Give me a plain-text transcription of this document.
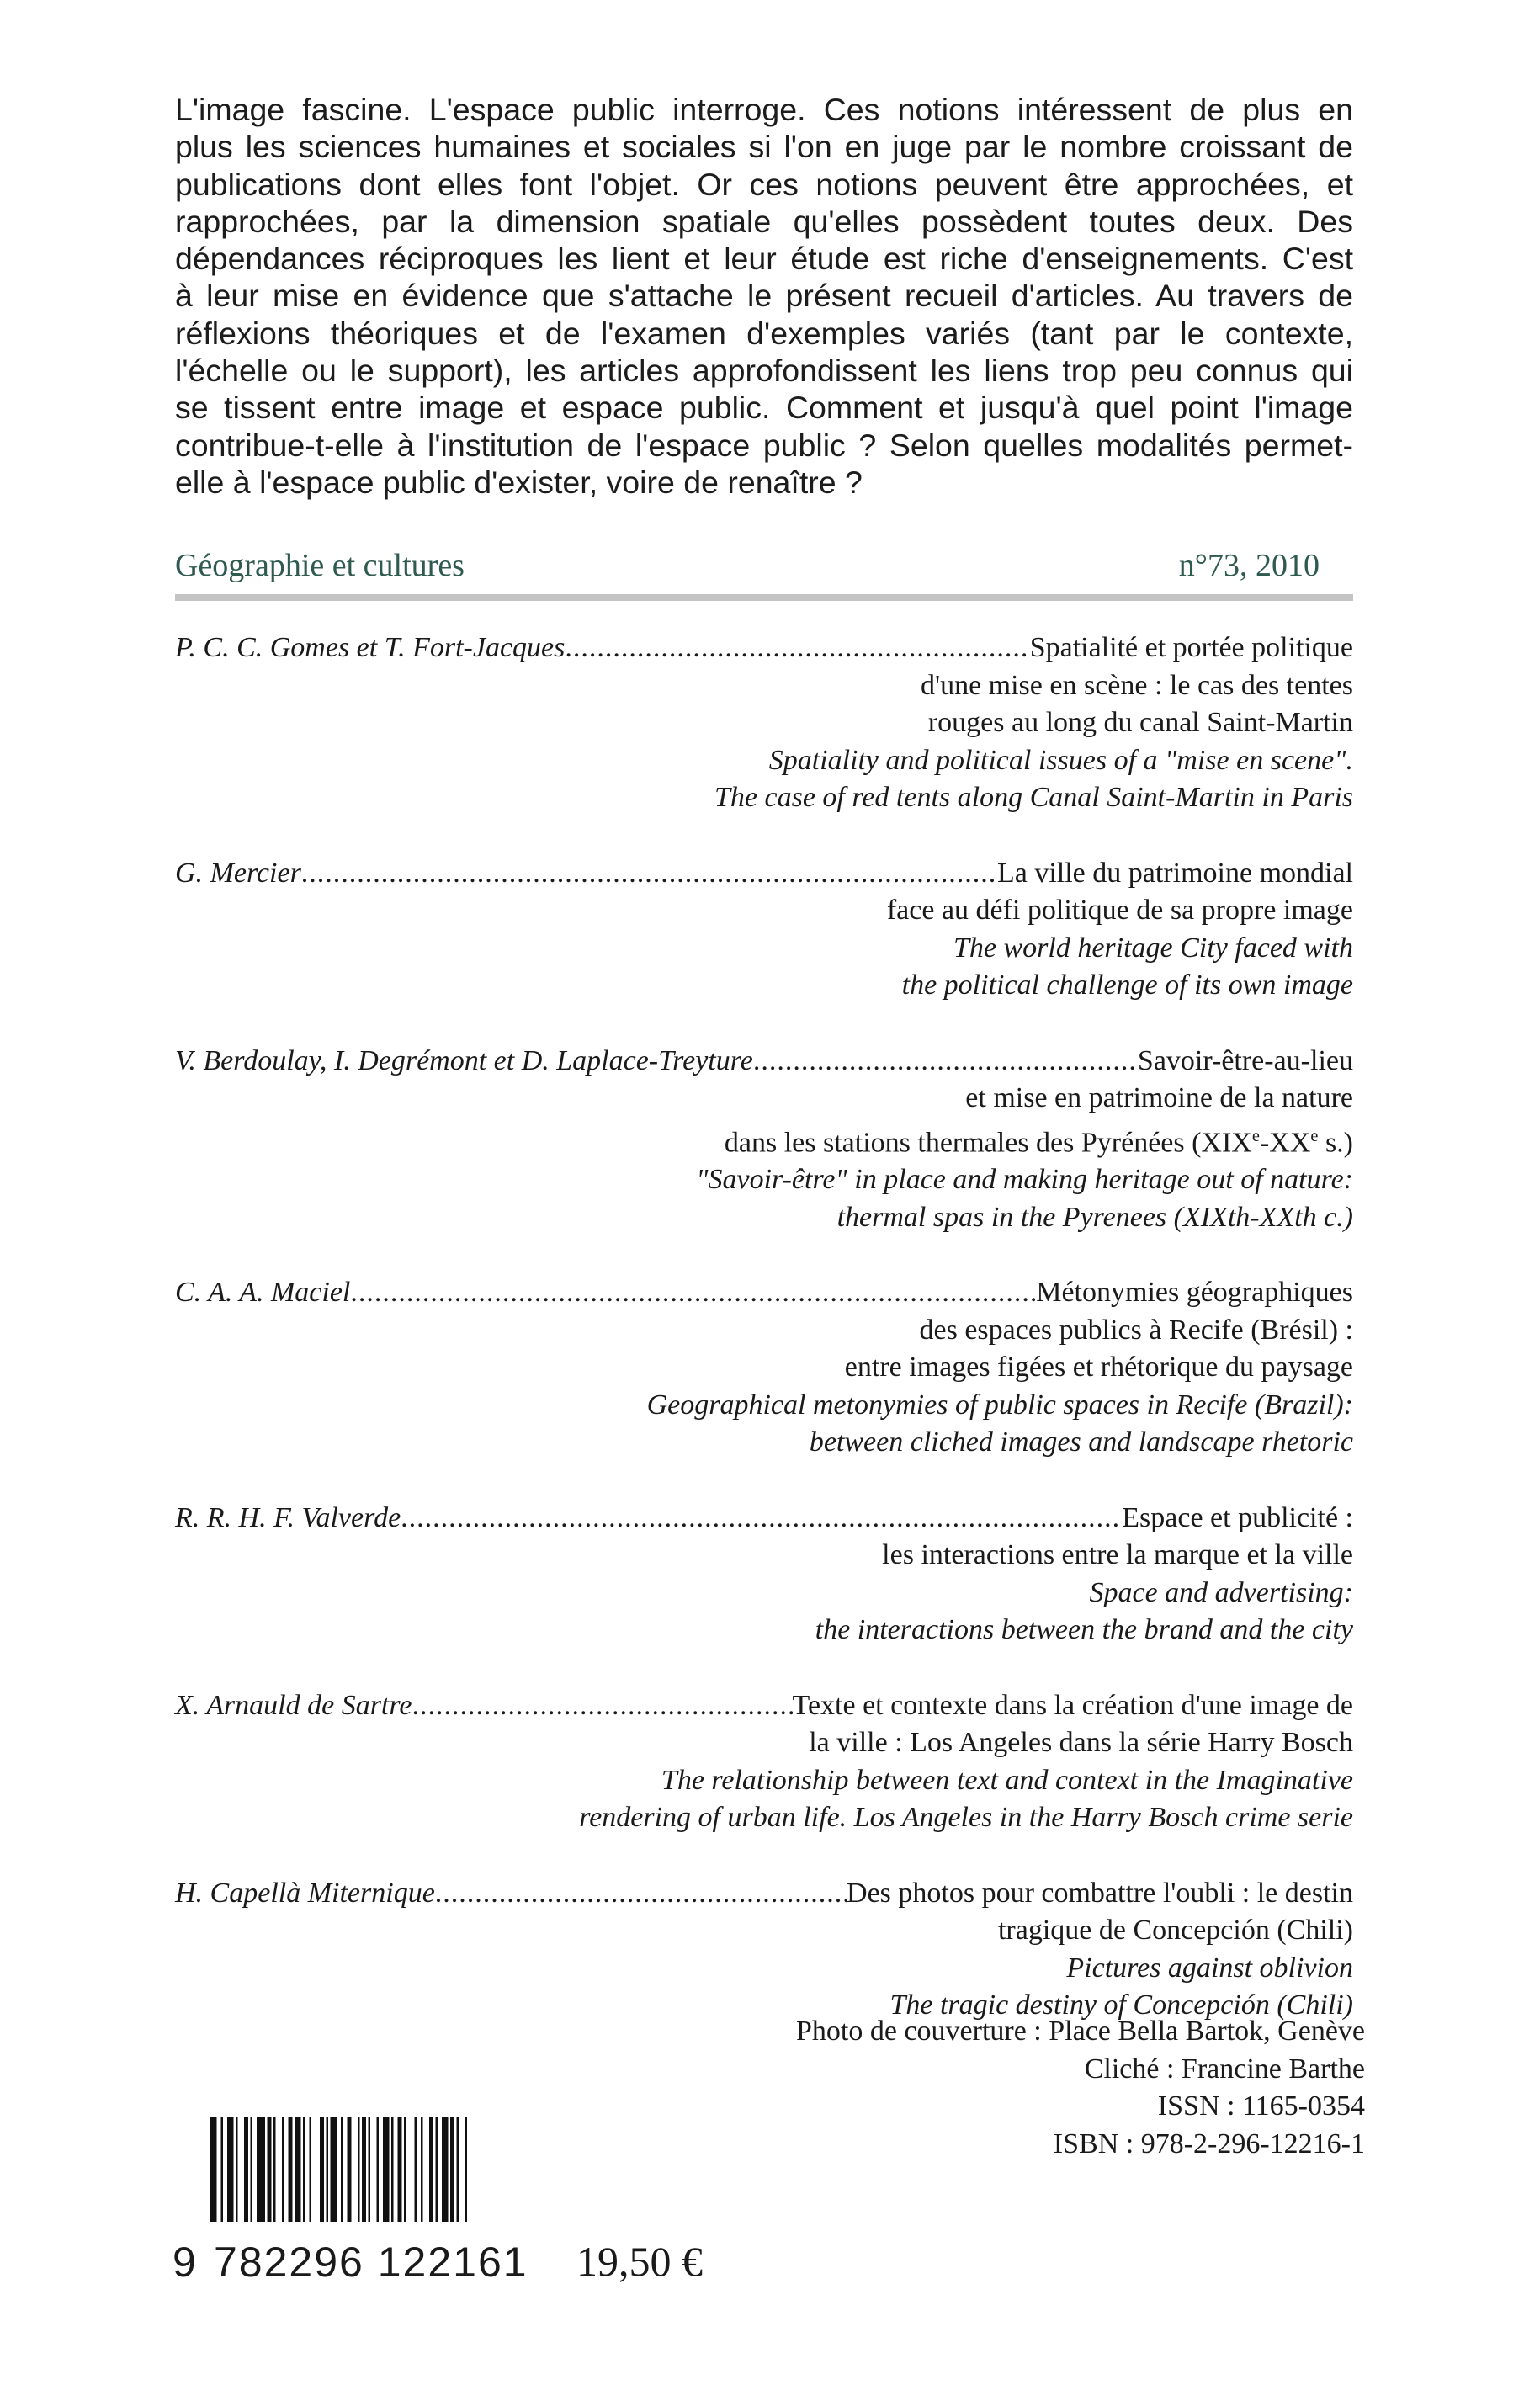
L'image fascine. L'espace public interroge. Ces notions intéressent de plus en
plus les sciences humaines et sociales si l'on en juge par le nombre croissant de
publications dont elles font l'objet. Or ces notions peuvent être approchées, et
rapprochées, par la dimension spatiale qu'elles possèdent toutes deux. Des
dépendances réciproques les lient et leur étude est riche d'enseignements. C'est
à leur mise en évidence que s'attache le présent recueil d'articles. Au travers de
réflexions théoriques et de l'examen d'exemples variés (tant par le contexte,
l'échelle ou le support), les articles approfondissent les liens trop peu connus qui
se tissent entre image et espace public. Comment et jusqu'à quel point l'image
contribue-t-elle à l'institution de l'espace public ? Selon quelles modalités permet-
elle à l'espace public d'exister, voire de renaître ?

Géographie et cultures	n°73, 2010
P. C. C. Gomes et T. Fort-Jacques .....	Spatialité et portée politique
d'une mise en scène : le cas des tentes
rouges au long du canal Saint-Martin
Spatiality and political issues of a "mise en scene".
The case of red tents along Canal Saint-Martin in Paris
G. Mercier .....	La ville du patrimoine mondial
face au défi politique de sa propre image
The world heritage City faced with
the political challenge of its own image
V. Berdoulay, I. Degrémont et D. Laplace-Treyture .....	Savoir-être-au-lieu
et mise en patrimoine de la nature
dans les stations thermales des Pyrénées (XIXe-XXe s.)
"Savoir-être" in place and making heritage out of nature:
thermal spas in the Pyrenees (XIXth-XXth c.)
C. A. A. Maciel .....	Métonymies géographiques
des espaces publics à Recife (Brésil) :
entre images figées et rhétorique du paysage
Geographical metonymies of public spaces in Recife (Brazil):
between cliched images and landscape rhetoric
R. R. H. F. Valverde .....	Espace et publicité :
les interactions entre la marque et la ville
Space and advertising:
the interactions between the brand and the city
X. Arnauld de Sartre .....	Texte et contexte dans la création d'une image de
la ville : Los Angeles dans la série Harry Bosch
The relationship between text and context in the Imaginative
rendering of urban life. Los Angeles in the Harry Bosch crime serie
H. Capellà Miternique .....	Des photos pour combattre l'oubli : le destin
tragique de Concepción (Chili)
Pictures against oblivion
The tragic destiny of Concepción (Chili)
Photo de couverture : Place Bella Bartok, Genève
Cliché : Francine Barthe
ISSN : 1165-0354
ISBN : 978-2-296-12216-1
9 782296 122161 19,50 €
